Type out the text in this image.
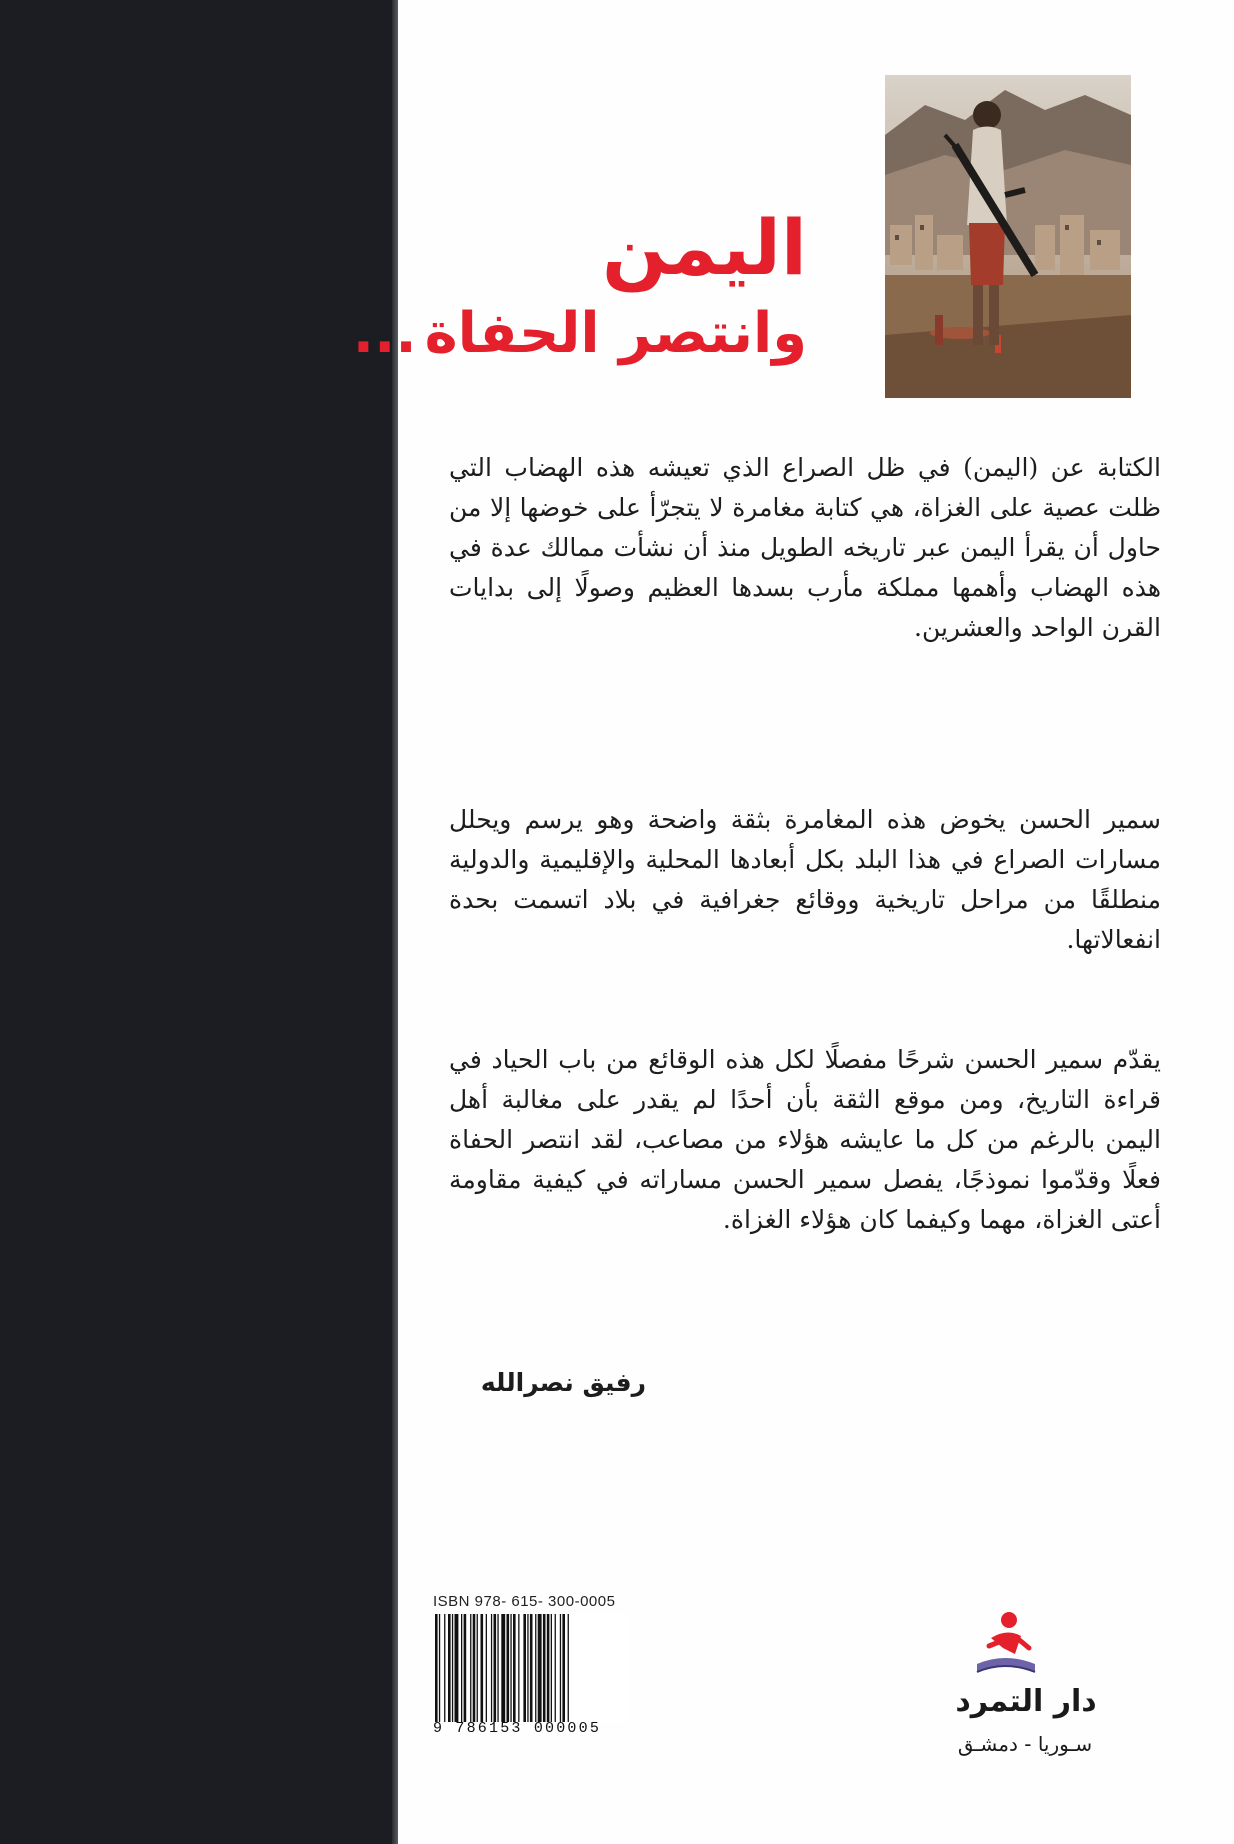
اليمن
وانتصر الحفاة...

الكتابة عن (اليمن) في ظل الصراع الذي تعيشه هذه الهضاب التي ظلت عصية على الغزاة، هي كتابة مغامرة لا يتجرّأ على خوضها إلا من حاول أن يقرأ اليمن عبر تاريخه الطويل منذ أن نشأت ممالك عدة في هذه الهضاب وأهمها مملكة مأرب بسدها العظيم وصولًا إلى بدايات القرن الواحد والعشرين.

سمير الحسن يخوض هذه المغامرة بثقة واضحة وهو يرسم ويحلل مسارات الصراع في هذا البلد بكل أبعادها المحلية والإقليمية والدولية منطلقًا من مراحل تاريخية ووقائع جغرافية في بلاد اتسمت بحدة انفعالاتها.

يقدّم سمير الحسن شرحًا مفصلًا لكل هذه الوقائع من باب الحياد في قراءة التاريخ، ومن موقع الثقة بأن أحدًا لم يقدر على مغالبة أهل اليمن بالرغم من كل ما عايشه هؤلاء من مصاعب، لقد انتصر الحفاة فعلًا وقدّموا نموذجًا، يفصل سمير الحسن مساراته في كيفية مقاومة أعتى الغزاة، مهما وكيفما كان هؤلاء الغزاة.

رفيق نصرالله

ISBN 978- 615- 300-0005
9 786153 000005
دار التمرد
سـوريا - دمشـق
